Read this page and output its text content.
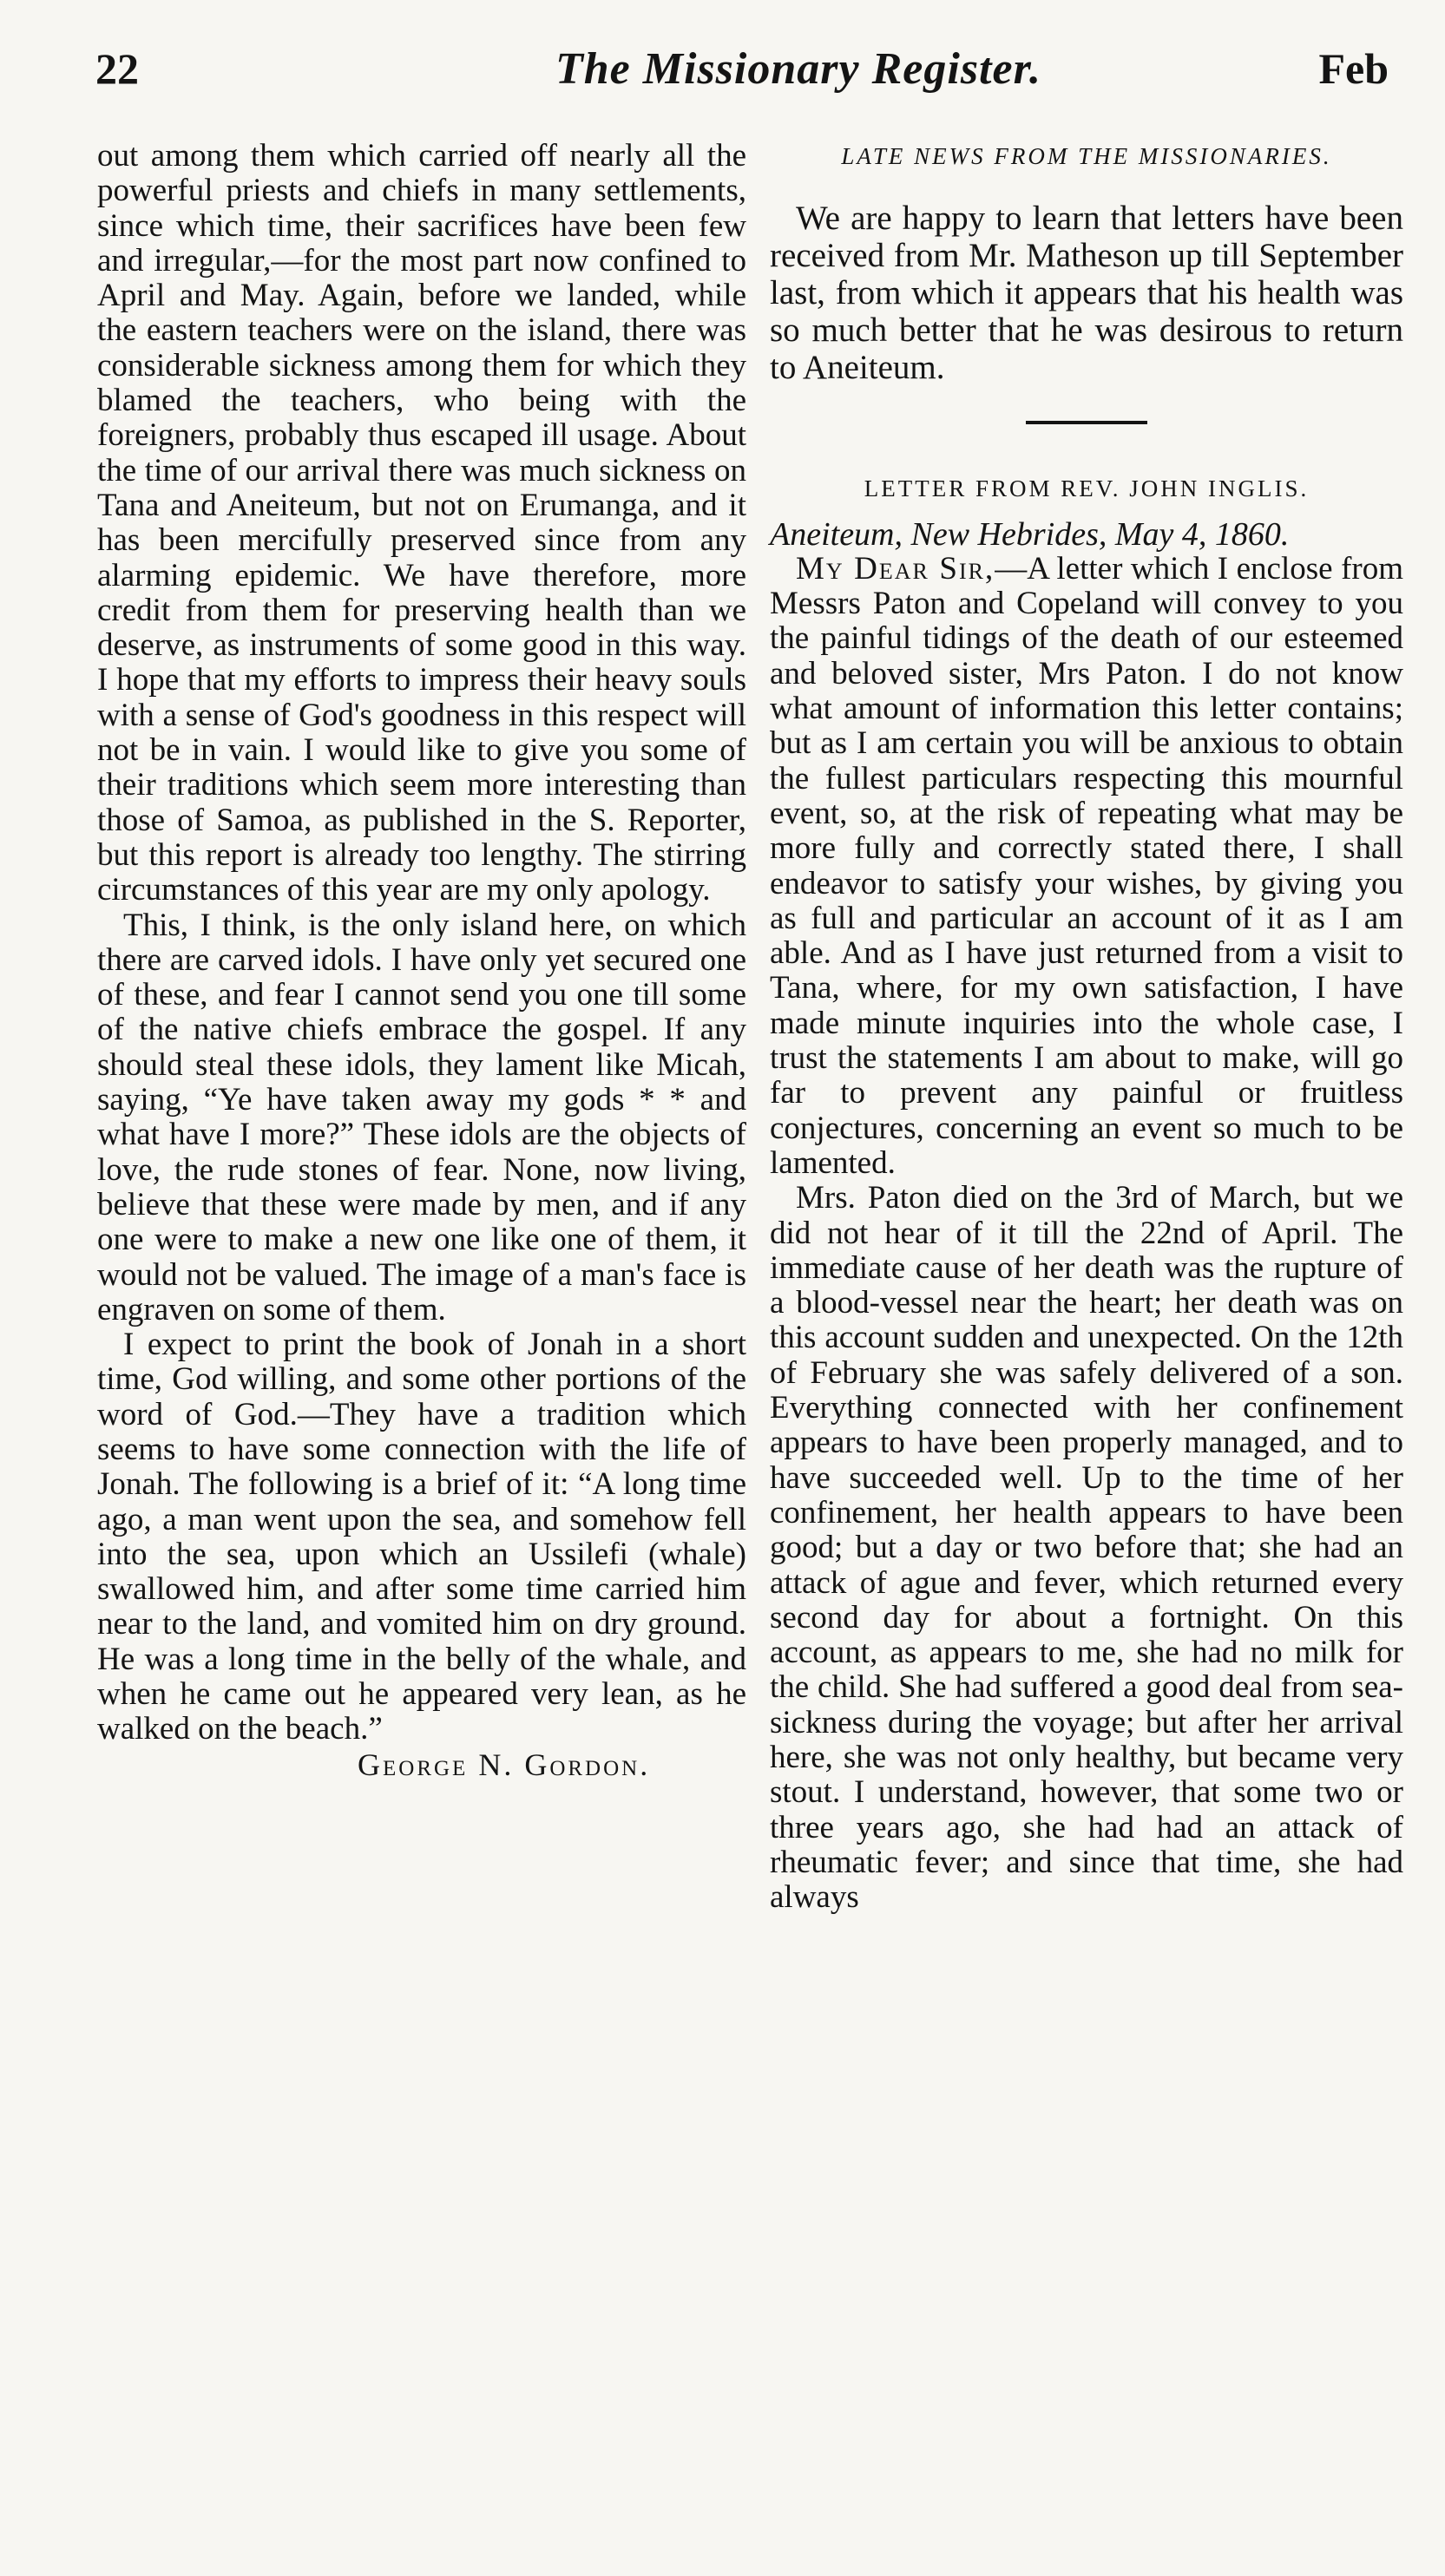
22	The Missionary Register.	Feb

out among them which carried off nearly all the powerful priests and chiefs in many settlements, since which time, their sacrifices have been few and irregular,—for the most part now confined to April and May. Again, before we landed, while the eastern teachers were on the island, there was considerable sickness among them for which they blamed the teachers, who being with the foreigners, probably thus escaped ill usage. About the time of our arrival there was much sickness on Tana and Aneiteum, but not on Erumanga, and it has been mercifully preserved since from any alarming epidemic. We have therefore, more credit from them for preserving health than we deserve, as instruments of some good in this way. I hope that my efforts to impress their heavy souls with a sense of God's goodness in this respect will not be in vain. I would like to give you some of their traditions which seem more interesting than those of Samoa, as published in the S. Reporter, but this report is already too lengthy. The stirring circumstances of this year are my only apology.

This, I think, is the only island here, on which there are carved idols. I have only yet secured one of these, and fear I cannot send you one till some of the native chiefs embrace the gospel. If any should steal these idols, they lament like Micah, saying, “Ye have taken away my gods * * and what have I more?” These idols are the objects of love, the rude stones of fear. None, now living, believe that these were made by men, and if any one were to make a new one like one of them, it would not be valued. The image of a man's face is engraven on some of them.

I expect to print the book of Jonah in a short time, God willing, and some other portions of the word of God.—They have a tradition which seems to have some connection with the life of Jonah. The following is a brief of it: “A long time ago, a man went upon the sea, and somehow fell into the sea, upon which an Ussilefi (whale) swallowed him, and after some time carried him near to the land, and vomited him on dry ground. He was a long time in the belly of the whale, and when he came out he appeared very lean, as he walked on the beach.”

George N. Gordon.

LATE NEWS FROM THE MISSIONARIES.

We are happy to learn that letters have been received from Mr. Matheson up till September last, from which it appears that his health was so much better that he was desirous to return to Aneiteum.

LETTER FROM REV. JOHN INGLIS.

Aneiteum, New Hebrides, May 4, 1860.

My Dear Sir,—A letter which I enclose from Messrs Paton and Copeland will convey to you the painful tidings of the death of our esteemed and beloved sister, Mrs Paton. I do not know what amount of information this letter contains; but as I am certain you will be anxious to obtain the fullest particulars respecting this mournful event, so, at the risk of repeating what may be more fully and correctly stated there, I shall endeavor to satisfy your wishes, by giving you as full and particular an account of it as I am able. And as I have just returned from a visit to Tana, where, for my own satisfaction, I have made minute inquiries into the whole case, I trust the statements I am about to make, will go far to prevent any painful or fruitless conjectures, concerning an event so much to be lamented.

Mrs. Paton died on the 3rd of March, but we did not hear of it till the 22nd of April. The immediate cause of her death was the rupture of a blood-vessel near the heart; her death was on this account sudden and unexpected. On the 12th of February she was safely delivered of a son. Everything connected with her confinement appears to have been properly managed, and to have succeeded well. Up to the time of her confinement, her health appears to have been good; but a day or two before that; she had an attack of ague and fever, which returned every second day for about a fortnight. On this account, as appears to me, she had no milk for the child. She had suffered a good deal from sea-sickness during the voyage; but after her arrival here, she was not only healthy, but became very stout. I understand, however, that some two or three years ago, she had had an attack of rheumatic fever; and since that time, she had always
